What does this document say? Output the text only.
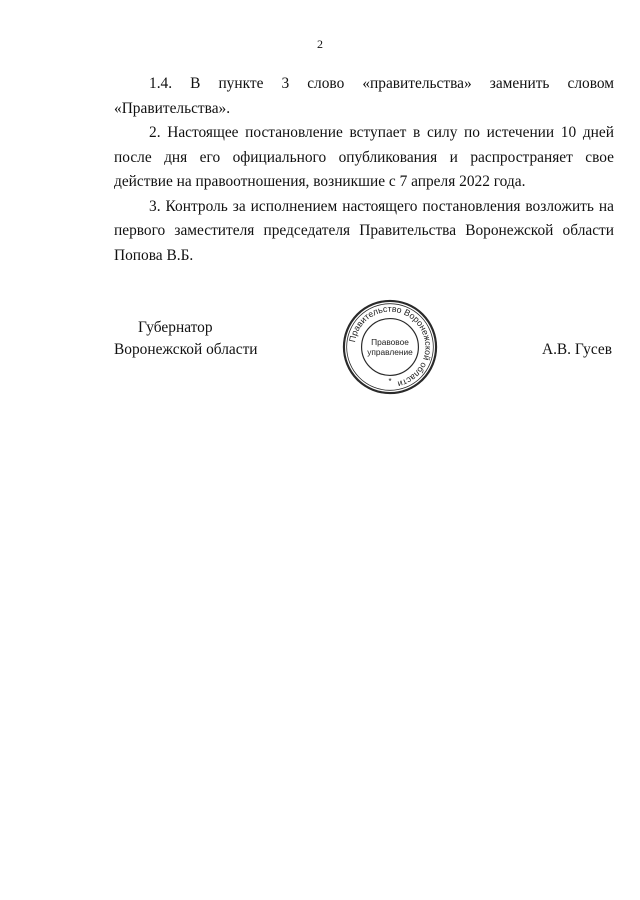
2

1.4. В пункте 3 слово «правительства» заменить словом «Правительства».

2. Настоящее постановление вступает в силу по истечении 10 дней после дня его официального опубликования и распространяет свое действие на правоотношения, возникшие с 7 апреля 2022 года.

3. Контроль за исполнением настоящего постановления возложить на первого заместителя председателя Правительства Воронежской области Попова В.Б.

Губернатор
Воронежской области
Правительство Воронежской области
Правовое
управление
*
А.В. Гусев
